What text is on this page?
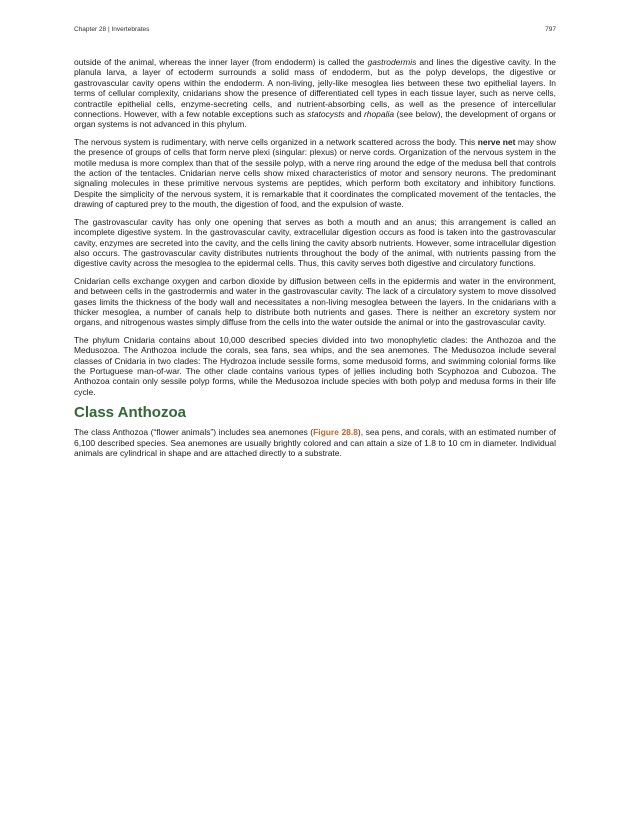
Chapter 28 | Invertebrates	797

outside of the animal, whereas the inner layer (from endoderm) is called the gastrodermis and lines the digestive cavity. In the planula larva, a layer of ectoderm surrounds a solid mass of endoderm, but as the polyp develops, the digestive or gastrovascular cavity opens within the endoderm. A non-living, jelly-like mesoglea lies between these two epithelial layers. In terms of cellular complexity, cnidarians show the presence of differentiated cell types in each tissue layer, such as nerve cells, contractile epithelial cells, enzyme-secreting cells, and nutrient-absorbing cells, as well as the presence of intercellular connections. However, with a few notable exceptions such as statocysts and rhopalia (see below), the development of organs or organ systems is not advanced in this phylum.

The nervous system is rudimentary, with nerve cells organized in a network scattered across the body. This nerve net may show the presence of groups of cells that form nerve plexi (singular: plexus) or nerve cords. Organization of the nervous system in the motile medusa is more complex than that of the sessile polyp, with a nerve ring around the edge of the medusa bell that controls the action of the tentacles. Cnidarian nerve cells show mixed characteristics of motor and sensory neurons. The predominant signaling molecules in these primitive nervous systems are peptides, which perform both excitatory and inhibitory functions. Despite the simplicity of the nervous system, it is remarkable that it coordinates the complicated movement of the tentacles, the drawing of captured prey to the mouth, the digestion of food, and the expulsion of waste.

The gastrovascular cavity has only one opening that serves as both a mouth and an anus; this arrangement is called an incomplete digestive system. In the gastrovascular cavity, extracellular digestion occurs as food is taken into the gastrovascular cavity, enzymes are secreted into the cavity, and the cells lining the cavity absorb nutrients. However, some intracellular digestion also occurs. The gastrovascular cavity distributes nutrients throughout the body of the animal, with nutrients passing from the digestive cavity across the mesoglea to the epidermal cells. Thus, this cavity serves both digestive and circulatory functions.

Cnidarian cells exchange oxygen and carbon dioxide by diffusion between cells in the epidermis and water in the environment, and between cells in the gastrodermis and water in the gastrovascular cavity. The lack of a circulatory system to move dissolved gases limits the thickness of the body wall and necessitates a non-living mesoglea between the layers. In the cnidarians with a thicker mesoglea, a number of canals help to distribute both nutrients and gases. There is neither an excretory system nor organs, and nitrogenous wastes simply diffuse from the cells into the water outside the animal or into the gastrovascular cavity.

The phylum Cnidaria contains about 10,000 described species divided into two monophyletic clades: the Anthozoa and the Medusozoa. The Anthozoa include the corals, sea fans, sea whips, and the sea anemones. The Medusozoa include several classes of Cnidaria in two clades: The Hydrozoa include sessile forms, some medusoid forms, and swimming colonial forms like the Portuguese man-of-war. The other clade contains various types of jellies including both Scyphozoa and Cubozoa. The Anthozoa contain only sessile polyp forms, while the Medusozoa include species with both polyp and medusa forms in their life cycle.

Class Anthozoa

The class Anthozoa (“flower animals”) includes sea anemones (Figure 28.8), sea pens, and corals, with an estimated number of 6,100 described species. Sea anemones are usually brightly colored and can attain a size of 1.8 to 10 cm in diameter. Individual animals are cylindrical in shape and are attached directly to a substrate.
